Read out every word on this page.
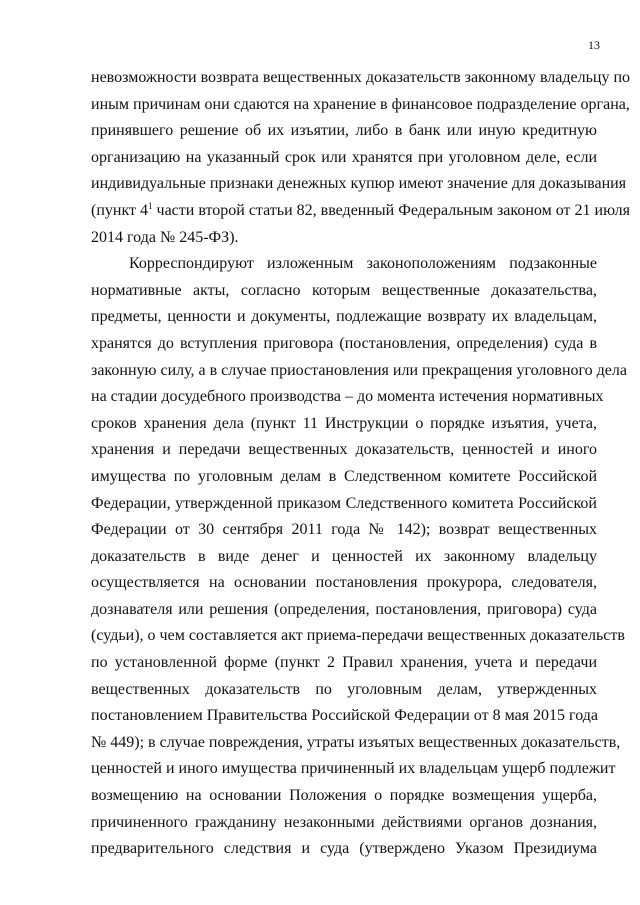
13
невозможности возврата вещественных доказательств законному владельцу по
иным причинам они сдаются на хранение в финансовое подразделение органа,
принявшего решение об их изъятии, либо в банк или иную кредитную
организацию на указанный срок или хранятся при уголовном деле, если
индивидуальные признаки денежных купюр имеют значение для доказывания
(пункт $4^1$ части второй статьи 82, введенный Федеральным законом от 21 июля
2014 года № 245-ФЗ).
Корреспондируют изложенным законоположениям подзаконные
нормативные акты, согласно которым вещественные доказательства,
предметы, ценности и документы, подлежащие возврату их владельцам,
хранятся до вступления приговора (постановления, определения) суда в
законную силу, а в случае приостановления или прекращения уголовного дела
на стадии досудебного производства – до момента истечения нормативных
сроков хранения дела (пункт 11 Инструкции о порядке изъятия, учета,
хранения и передачи вещественных доказательств, ценностей и иного
имущества по уголовным делам в Следственном комитете Российской
Федерации, утвержденной приказом Следственного комитета Российской
Федерации от 30 сентября 2011 года № 142); возврат вещественных
доказательств в виде денег и ценностей их законному владельцу
осуществляется на основании постановления прокурора, следователя,
дознавателя или решения (определения, постановления, приговора) суда
(судьи), о чем составляется акт приема-передачи вещественных доказательств
по установленной форме (пункт 2 Правил хранения, учета и передачи
вещественных доказательств по уголовным делам, утвержденных
постановлением Правительства Российской Федерации от 8 мая 2015 года
№ 449); в случае повреждения, утраты изъятых вещественных доказательств,
ценностей и иного имущества причиненный их владельцам ущерб подлежит
возмещению на основании Положения о порядке возмещения ущерба,
причиненного гражданину незаконными действиями органов дознания,
предварительного следствия и суда (утверждено Указом Президиума
